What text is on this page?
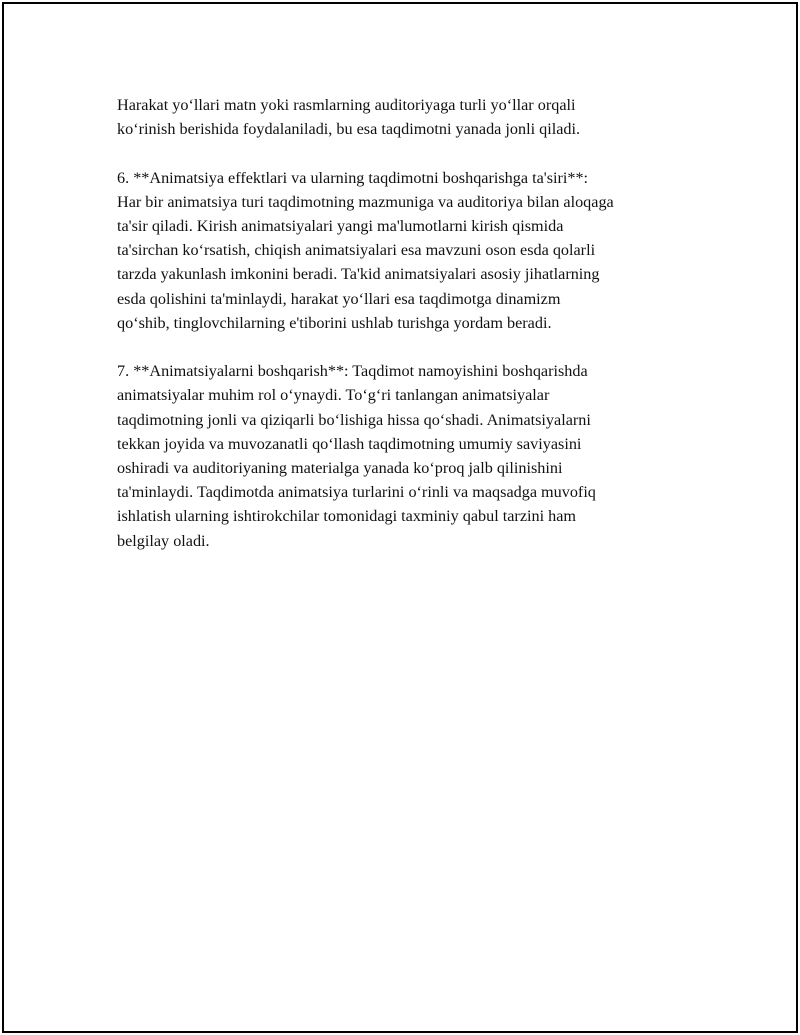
Harakat yo‘llari matn yoki rasmlarning auditoriyaga turli yo‘llar orqali
ko‘rinish berishida foydalaniladi, bu esa taqdimotni yanada jonli qiladi.
6. **Animatsiya effektlari va ularning taqdimotni boshqarishga ta'siri**:
Har bir animatsiya turi taqdimotning mazmuniga va auditoriya bilan aloqaga
ta'sir qiladi. Kirish animatsiyalari yangi ma'lumotlarni kirish qismida
ta'sirchan ko‘rsatish, chiqish animatsiyalari esa mavzuni oson esda qolarli
tarzda yakunlash imkonini beradi. Ta'kid animatsiyalari asosiy jihatlarning
esda qolishini ta'minlaydi, harakat yo‘llari esa taqdimotga dinamizm
qo‘shib, tinglovchilarning e'tiborini ushlab turishga yordam beradi.
7. **Animatsiyalarni boshqarish**: Taqdimot namoyishini boshqarishda
animatsiyalar muhim rol o‘ynaydi. To‘g‘ri tanlangan animatsiyalar
taqdimotning jonli va qiziqarli bo‘lishiga hissa qo‘shadi. Animatsiyalarni
tekkan joyida va muvozanatli qo‘llash taqdimotning umumiy saviyasini
oshiradi va auditoriyaning materialga yanada ko‘proq jalb qilinishini
ta'minlaydi. Taqdimotda animatsiya turlarini o‘rinli va maqsadga muvofiq
ishlatish ularning ishtirokchilar tomonidagi taxminiy qabul tarzini ham
belgilay oladi.
